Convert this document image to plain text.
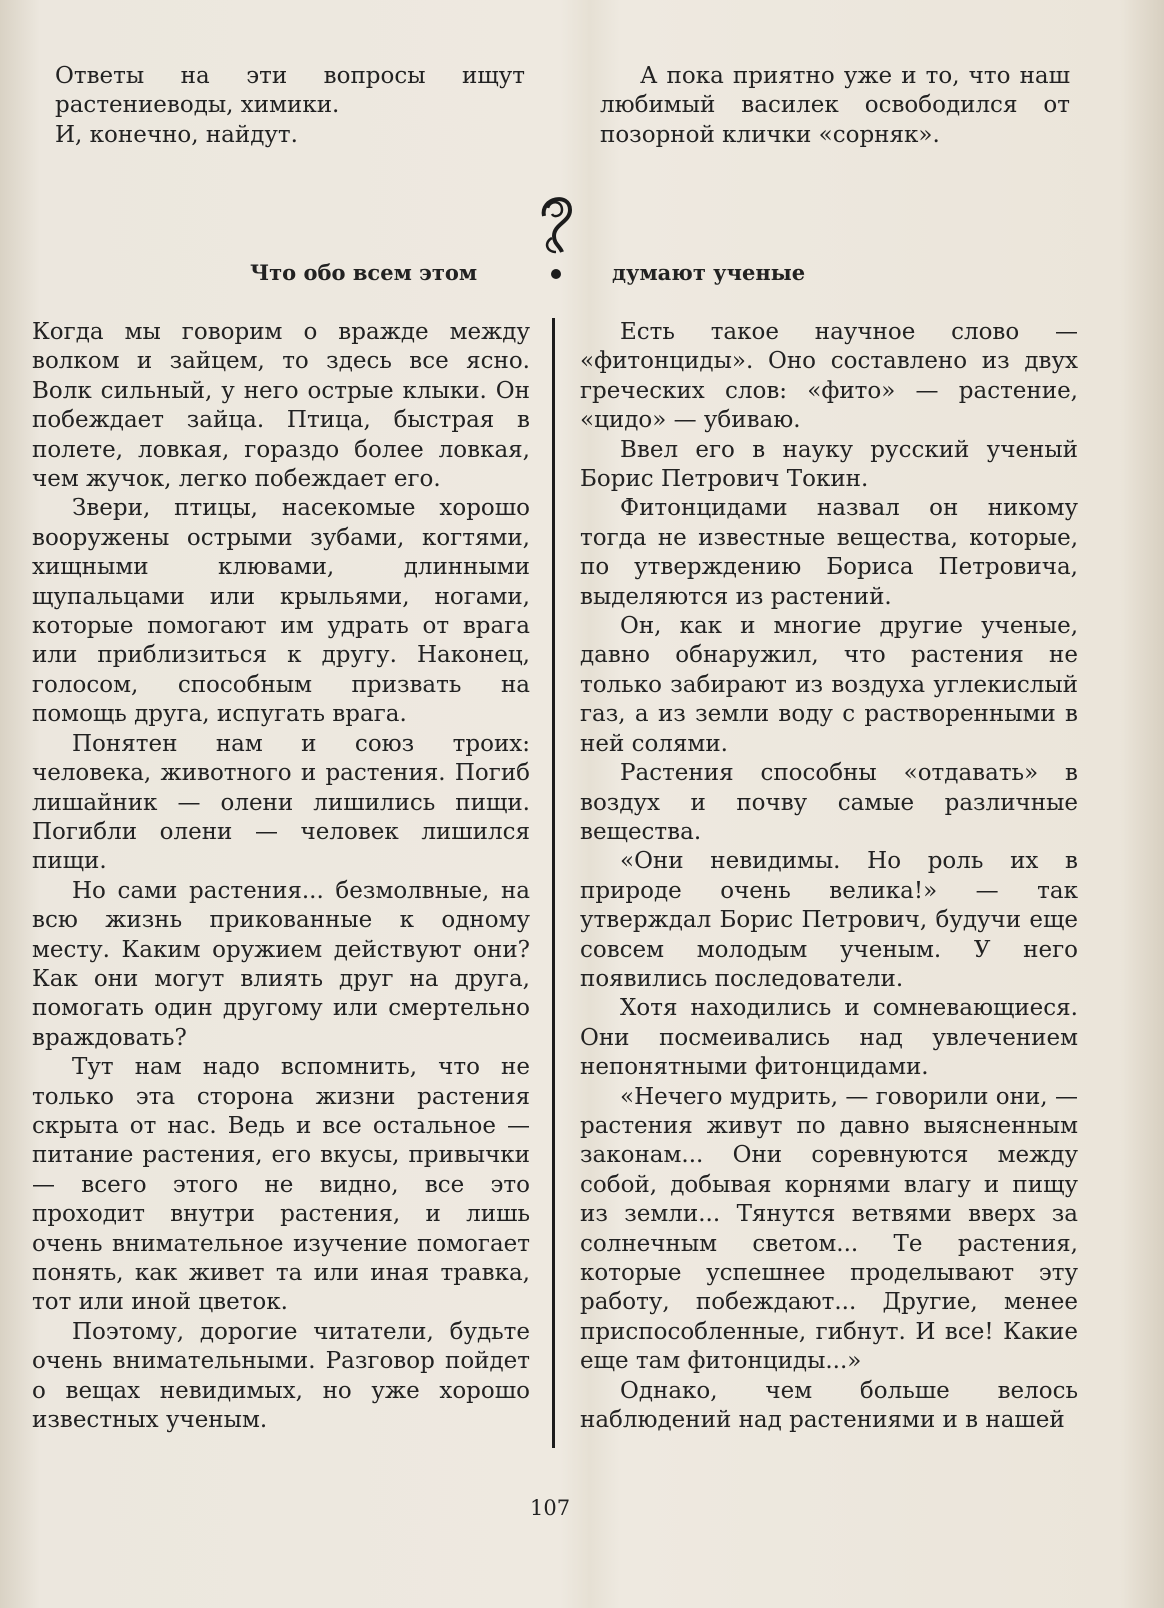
Ответы на эти вопросы ищут растениеводы, химики.

И, конечно, найдут.

А пока приятно уже и то, что наш любимый василек освободился от позорной клички «сорняк».

Что обо всем этом	думают ученые

Когда мы говорим о вражде между волком и зайцем, то здесь все ясно. Волк сильный, у него острые клыки. Он побеждает зайца. Птица, быстрая в полете, ловкая, гораздо более ловкая, чем жучок, легко побеждает его.

Звери, птицы, насекомые хорошо вооружены острыми зубами, когтями, хищными клювами, длинными щупальцами или крыльями, ногами, которые помогают им удрать от врага или приблизиться к другу. Наконец, голосом, способным призвать на помощь друга, испугать врага.

Понятен нам и союз троих: человека, животного и растения. Погиб лишайник — олени лишились пищи. Погибли олени — человек лишился пищи.

Но сами растения... безмолвные, на всю жизнь прикованные к одному месту. Каким оружием действуют они? Как они могут влиять друг на друга, помогать один другому или смертельно враждовать?

Тут нам надо вспомнить, что не только эта сторона жизни растения скрыта от нас. Ведь и все остальное — питание растения, его вкусы, привычки — всего этого не видно, все это проходит внутри растения, и лишь очень внимательное изучение помогает понять, как живет та или иная травка, тот или иной цветок.

Поэтому, дорогие читатели, будьте очень внимательными. Разговор пойдет о вещах невидимых, но уже хорошо известных ученым.

Есть такое научное слово — «фитонциды». Оно составлено из двух греческих слов: «фито» — растение, «цидо» — убиваю.

Ввел его в науку русский ученый Борис Петрович Токин.

Фитонцидами назвал он никому тогда не известные вещества, которые, по утверждению Бориса Петровича, выделяются из растений.

Он, как и многие другие ученые, давно обнаружил, что растения не только забирают из воздуха углекислый газ, а из земли воду с растворенными в ней солями.

Растения способны «отдавать» в воздух и почву самые различные вещества.

«Они невидимы. Но роль их в природе очень велика!» — так утверждал Борис Петрович, будучи еще совсем молодым ученым. У него появились последователи.

Хотя находились и сомневающиеся. Они посмеивались над увлечением непонятными фитонцидами.

«Нечего мудрить, — говорили они, — растения живут по давно выясненным законам... Они соревнуются между собой, добывая корнями влагу и пищу из земли... Тянутся ветвями вверх за солнечным светом... Те растения, которые успешнее проделывают эту работу, побеждают... Другие, менее приспособленные, гибнут. И все! Какие еще там фитонциды...»

Однако, чем больше велось наблюдений над растениями и в нашей

107
